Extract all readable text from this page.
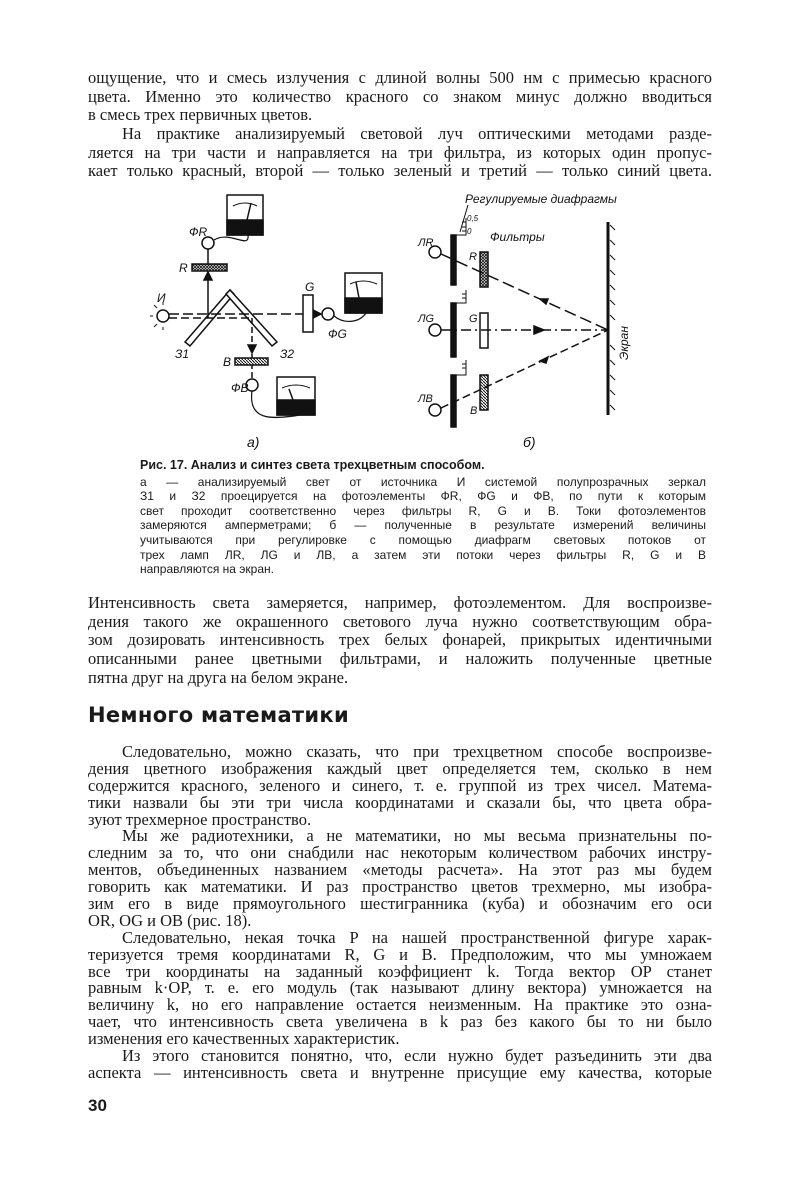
ощущение, что и смесь излучения с длиной волны 500 нм с примесью красного
цвета. Именно это количество красного со знаком минус должно вводиться
в смесь трех первичных цветов.
На практике анализируемый световой луч оптическими методами разде-
ляется на три части и направляется на три фильтра, из которых один пропус-
кает только красный, второй — только зеленый и третий — только синий цвета.
И
З1	З2
R
G
B
ФR
ФG
ФB
а)
Регулируемые диафрагмы
Фильтры
0,5
0
ЛR
ЛG
ЛB
R
G
B
Экран
б)
Рис. 17. Анализ и синтез света трехцветным способом.
а — анализируемый свет от источника И системой полупрозрачных зеркал
З1 и З2 проецируется на фотоэлементы ФR, ФG и ФB, по пути к которым
свет проходит соответственно через фильтры R, G и B. Токи фотоэлементов
замеряются амперметрами; б — полученные в результате измерений величины
учитываются при регулировке с помощью диафрагм световых потоков от
трех ламп ЛR, ЛG и ЛB, а затем эти потоки через фильтры R, G и B
направляются на экран.
Интенсивность света замеряется, например, фотоэлементом. Для воспроизве-
дения такого же окрашенного светового луча нужно соответствующим обра-
зом дозировать интенсивность трех белых фонарей, прикрытых идентичными
описанными ранее цветными фильтрами, и наложить полученные цветные
пятна друг на друга на белом экране.
Немного математики
Следовательно, можно сказать, что при трехцветном способе воспроизве-
дения цветного изображения каждый цвет определяется тем, сколько в нем
содержится красного, зеленого и синего, т. е. группой из трех чисел. Матема-
тики назвали бы эти три числа координатами и сказали бы, что цвета обра-
зуют трехмерное пространство.
Мы же радиотехники, а не математики, но мы весьма признательны по-
следним за то, что они снабдили нас некоторым количеством рабочих инстру-
ментов, объединенных названием «методы расчета». На этот раз мы будем
говорить как математики. И раз пространство цветов трехмерно, мы изобра-
зим его в виде прямоугольного шестигранника (куба) и обозначим его оси
OR, OG и OB (рис. 18).
Следовательно, некая точка P на нашей пространственной фигуре харак-
теризуется тремя координатами R, G и B. Предположим, что мы умножаем
все три координаты на заданный коэффициент k. Тогда вектор OP станет
равным k·OP, т. е. его модуль (так называют длину вектора) умножается на
величину k, но его направление остается неизменным. На практике это озна-
чает, что интенсивность света увеличена в k раз без какого бы то ни было
изменения его качественных характеристик.
Из этого становится понятно, что, если нужно будет разъединить эти два
аспекта — интенсивность света и внутренне присущие ему качества, которые
30
